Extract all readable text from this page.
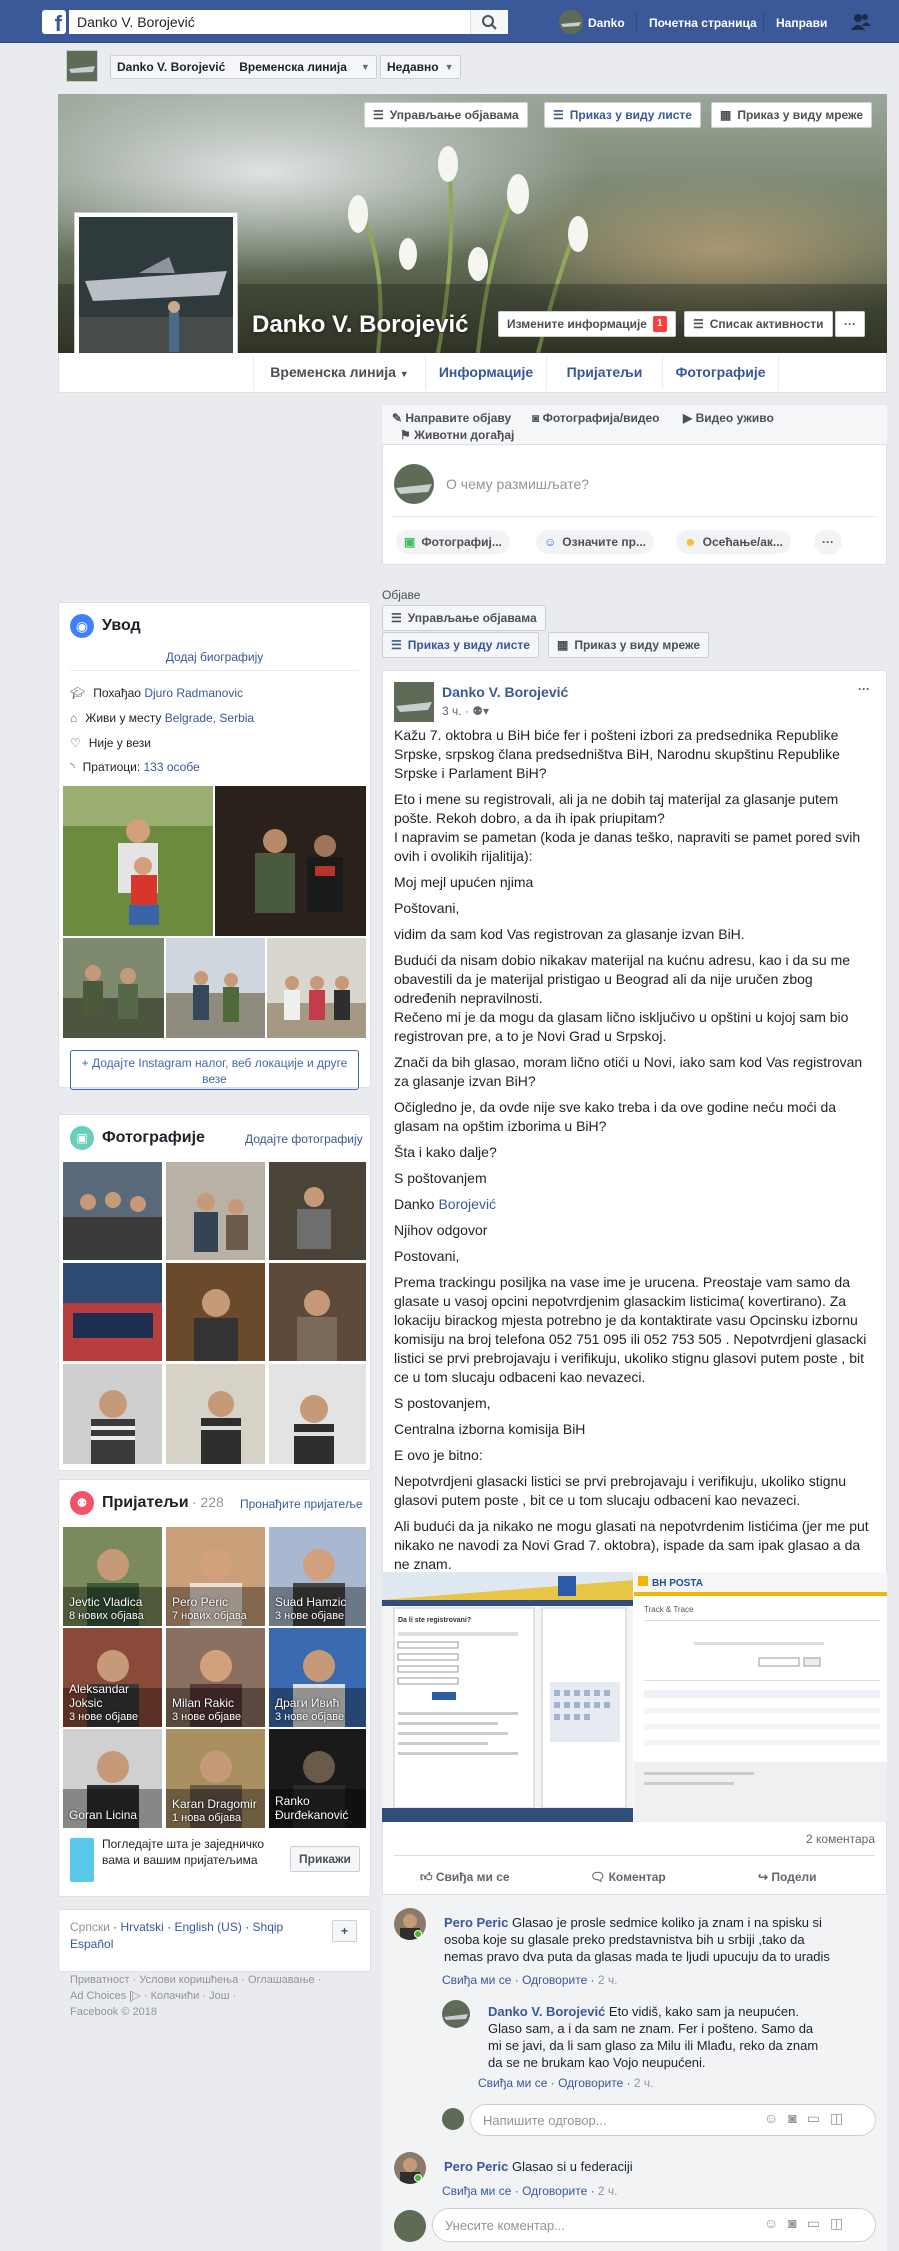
f	Danko V. Borojević	Danko Почетна страница Направи
Danko V. Borojević Временска линија ▼ Недавно ▼
☰ Управљање објавама	☰ Приказ у виду листе ▦ Приказ у виду мреже
Danko V. Borojević	Измените информације	1	☰ Списак активности ···
Временска линија ▼	Информације	Пријатељи	Фотографије
✎ Направите објаву ◙ Фотографија/видео ▶ Видео уживо
⚑ Животни догађај
О чему размишљате?
▣ Фотографиј...	☺ Означите пр...	☻ Осећање/ак...	···
Објаве
☰ Управљање објавама
☰ Приказ у виду листе ▦ Приказ у виду мреже
◉ Увод
Додај биографију
🎓︎ Похађао Djuro Radmanovic
⌂ Живи у месту Belgrade, Serbia
♡ Није у вези
◝ Пратиоци: 133 особе
+ Додајте Instagram налог, веб локације и друге везе
▣ Фотографије	Додајте фотографију
⚉ Пријатељи · 228 Пронађите пријатеље
Jevtic Vladica
8 нових објава
Pero Peric
7 нових објава
Suad Hamzic
3 нове објаве
Aleksandar Joksic
3 нове објаве
Milan Rakic
3 нове објаве
Драги Ивић
3 нове објаве
Goran Licina
Karan Dragomir
1 нова објава
Ranko Đurđekanović
Погледајте шта је заједничко вама и вашим пријатељима	Прикажи
Српски · Hrvatski · English (US) · Shqip
Español
+
Приватност · Услови коришћења · Оглашавање ·
Ad Choices [▷ · Колачићи · Још ·
Facebook © 2018
Danko V. Borojević
3 ч. · ⚉▾
···
Kažu 7. oktobra u BiH biće fer i pošteni izbori za predsednika Republike Srpske, srpskog člana predsedništva BiH, Narodnu skupštinu Republike Srpske i Parlament BiH?
Eto i mene su registrovali, ali ja ne dobih taj materijal za glasanje putem pošte. Rekoh dobro, a da ih ipak priupitam?
I napravim se pametan (koda je danas teško, napraviti se pamet pored svih ovih i ovolikih rijalitija):
Moj mejl upućen njima
Poštovani,
vidim da sam kod Vas registrovan za glasanje izvan BiH.
Budući da nisam dobio nikakav materijal na kućnu adresu, kao i da su me obavestili da je materijal pristigao u Beograd ali da nije uručen zbog određenih nepravilnosti.
Rečeno mi je da mogu da glasam lično isključivo u opštini u kojoj sam bio registrovan pre, a to je Novi Grad u Srpskoj.
Znači da bih glasao, moram lično otići u Novi, iako sam kod Vas registrovan za glasanje izvan BiH?
Očigledno je, da ovde nije sve kako treba i da ove godine neću moći da glasam na opštim izborima u BiH?
Šta i kako dalje?
S poštovanjem
Danko Borojević
Njihov odgovor
Postovani,
Prema trackingu posiljka na vase ime je urucena. Preostaje vam samo da glasate u vasoj opcini nepotvrdjenim glasackim listicima( kovertirano). Za lokaciju birackog mjesta potrebno je da kontaktirate vasu Opcinsku izbornu komisiju na broj telefona 052 751 095 ili 052 753 505 . Nepotvrdjeni glasacki listici se prvi prebrojavaju i verifikuju, ukoliko stignu glasovi putem poste , bit ce u tom slucaju odbaceni kao nevazeci.
S postovanjem,
Centralna izborna komisija BiH
E ovo je bitno:
Nepotvrdjeni glasacki listici se prvi prebrojavaju i verifikuju, ukoliko stignu glasovi putem poste , bit ce u tom slucaju odbaceni kao nevazeci.
Ali budući da ja nikako ne mogu glasati na nepotvrdenim listićima (jer me put nikako ne navodi za Novi Grad 7. oktobra), ispade da sam ipak glasao a da ne znam.
Da li ste registrovani?
BH POSTA
Track & Trace
2 коментара
👍︎ Свиђа ми се	🗨︎ Коментар	↪ Подели
Pero Peric Glasao je prosle sedmice koliko ja znam i na spisku si osoba koje su glasale preko predstavnistva bih u srbiji ,tako da nemas pravo dva puta da glasas mada te ljudi upucuju da to uradis
Свиђа ми се · Одговорите · 2 ч.
Danko V. Borojević Eto vidiš, kako sam ja neupućen. Glaso sam, a i da sam ne znam. Fer i pošteno. Samo da mi se javi, da li sam glaso za Milu ili Mlađu, reko da znam da se ne brukam kao Vojo neupućeni.
Свиђа ми се · Одговорите · 2 ч.
Напишите одговор...	☺ ◙ ▭ ◫
Pero Peric Glasao si u federaciji
Свиђа ми се · Одговорите · 2 ч.
Унесите коментар...	☺ ◙ ▭ ◫
